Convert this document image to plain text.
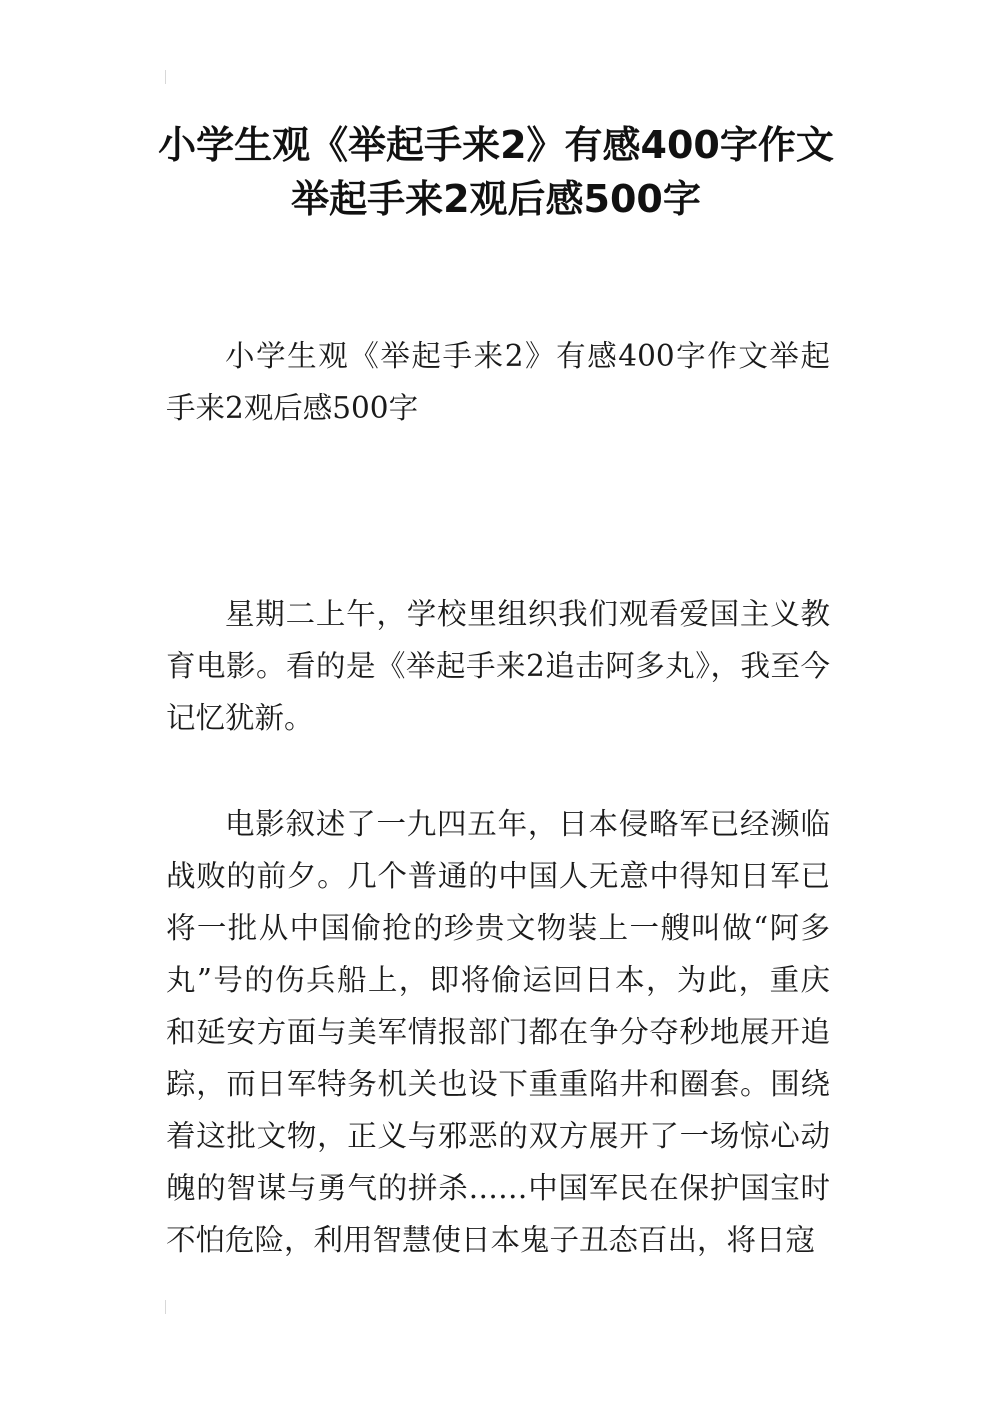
小学生观《举起手来2》有感400字作文举起手来2观后感500字

小学生观《举起手来2》有感400字作文举起手来2观后感500字

星期二上午，学校里组织我们观看爱国主义教育电影。看的是《举起手来2追击阿多丸》，我至今记忆犹新。

电影叙述了一九四五年，日本侵略军已经濒临战败的前夕。几个普通的中国人无意中得知日军已将一批从中国偷抢的珍贵文物装上一艘叫做“阿多丸”号的伤兵船上，即将偷运回日本，为此，重庆和延安方面与美军情报部门都在争分夺秒地展开追踪，而日军特务机关也设下重重陷井和圈套。围绕着这批文物，正义与邪恶的双方展开了一场惊心动魄的智谋与勇气的拼杀……中国军民在保护国宝时不怕危险，利用智慧使日本鬼子丑态百出，将日寇
